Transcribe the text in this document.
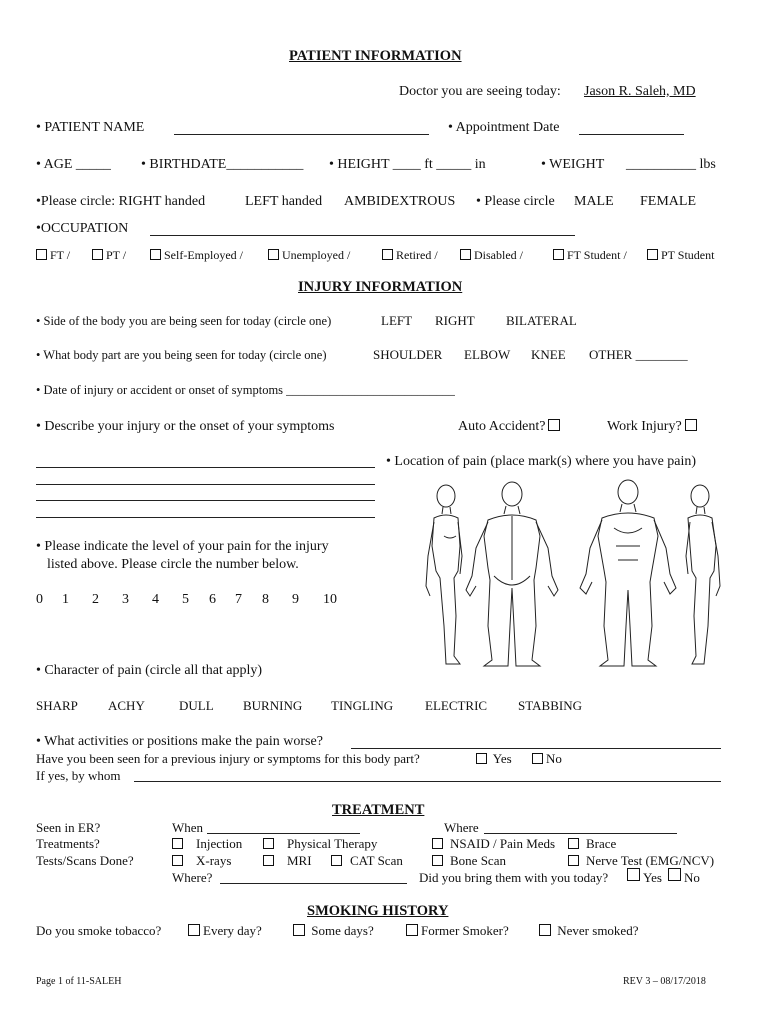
PATIENT INFORMATION
Doctor you are seeing today: Jason R. Saleh, MD
• PATIENT NAME	• Appointment Date
• AGE _____ • BIRTHDATE___________ • HEIGHT ____ ft _____ in	• WEIGHT __________ lbs
•Please circle: RIGHT handed	LEFT handed AMBIDEXTROUS • Please circle MALE FEMALE
•OCCUPATION
FT /	PT /	Self-Employed /	Unemployed /	Retired /	Disabled /	FT Student /	PT Student
INJURY INFORMATION
• Side of the body you are being seen for today (circle one)	LEFT RIGHT BILATERAL
• What body part are you being seen for today (circle one)	SHOULDER ELBOW KNEE OTHER ________
• Date of injury or accident or onset of symptoms ___________________________
• Describe your injury or the onset of your symptoms	Auto Accident?	Work Injury?
• Location of pain (place mark(s) where you have pain)
• Please indicate the level of your pain for the injury
listed above. Please circle the number below.
0 1 2 3 4 5 6 7 8 9 10
• Character of pain (circle all that apply)
SHARP ACHY	DULL BURNING TINGLING ELECTRIC STABBING
• What activities or positions make the pain worse?
Have you been seen for a previous injury or symptoms for this body part?	Yes	No
If yes, by whom
TREATMENT
Seen in ER?	When	Where
Treatments?	Injection	Physical Therapy	NSAID / Pain Meds Brace
Tests/Scans Done?	X-rays	MRI	CAT Scan	Bone Scan	Nerve Test (EMG/NCV)
Where?	Did you bring them with you today?	Yes No
SMOKING HISTORY
Do you smoke tobacco?	Every day?	Some days?	Former Smoker?	Never smoked?
Page 1 of 11-SALEH	REV 3 – 08/17/2018
